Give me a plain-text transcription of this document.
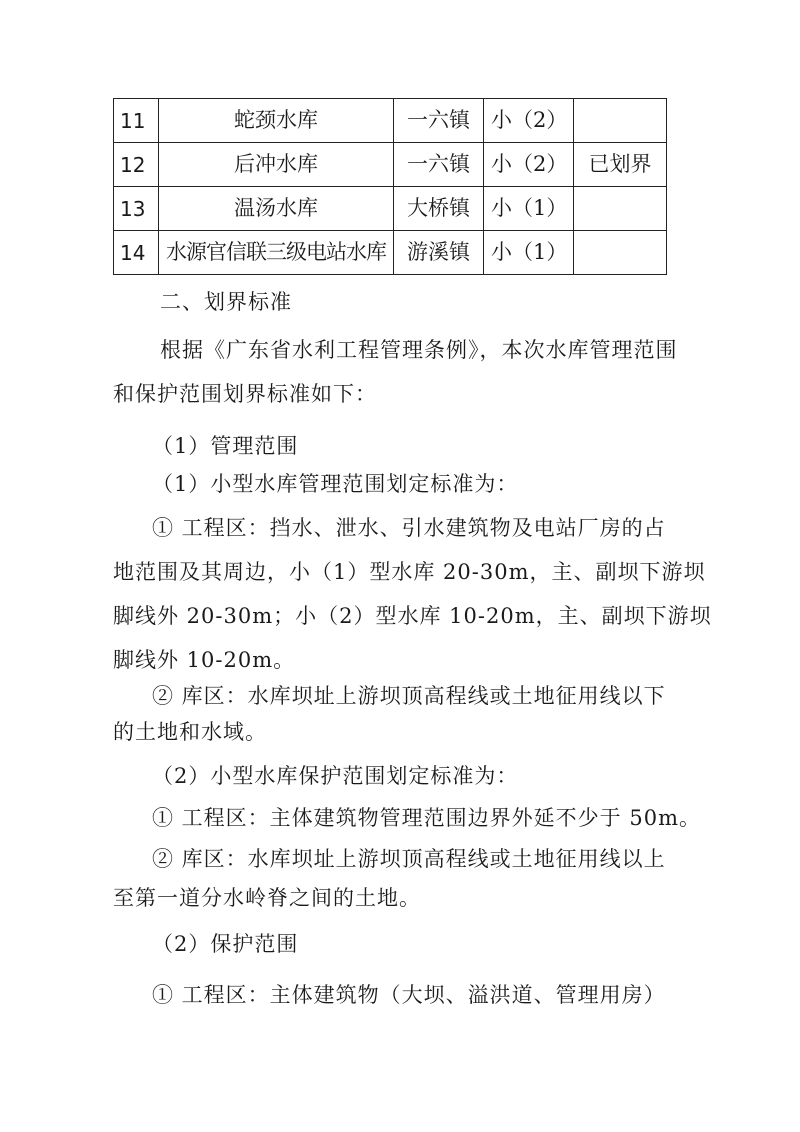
11	蛇颈水库	一六镇	小（2）	
12	后冲水库	一六镇	小（2）	已划界
13	温汤水库	大桥镇	小（1）	
14	水源官信联三级电站水库	游溪镇	小（1）	
二、划界标准
根据《广东省水利工程管理条例》，本次水库管理范围
和保护范围划界标准如下：
（1）管理范围
（1）小型水库管理范围划定标准为：
① 工程区：挡水、泄水、引水建筑物及电站厂房的占
地范围及其周边，小（1）型水库 20-30m，主、副坝下游坝
脚线外 20-30m；小（2）型水库 10-20m，主、副坝下游坝
脚线外 10-20m。
② 库区：水库坝址上游坝顶高程线或土地征用线以下
的土地和水域。
（2）小型水库保护范围划定标准为：
① 工程区：主体建筑物管理范围边界外延不少于 50m。
② 库区：水库坝址上游坝顶高程线或土地征用线以上
至第一道分水岭脊之间的土地。
（2）保护范围
① 工程区：主体建筑物（大坝、溢洪道、管理用房）
